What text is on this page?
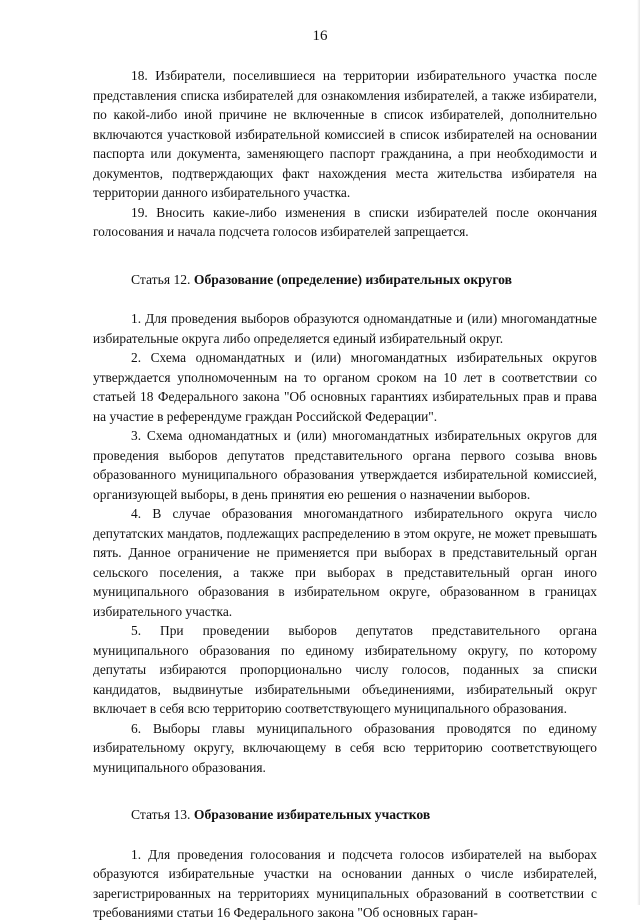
16

18. Избиратели, поселившиеся на территории избирательного участка после представления списка избирателей для ознакомления избирателей, а также избиратели, по какой-либо иной причине не включенные в список избирателей, дополнительно включаются участковой избирательной комиссией в список избирателей на основании паспорта или документа, заменяющего паспорт гражданина, а при необходимости и документов, подтверждающих факт нахождения места жительства избирателя на территории данного избирательного участка.

19. Вносить какие-либо изменения в списки избирателей после окончания голосования и начала подсчета голосов избирателей запрещается.

Статья 12. Образование (определение) избирательных округов

1. Для проведения выборов образуются одномандатные и (или) многомандатные избирательные округа либо определяется единый избирательный округ.

2. Схема одномандатных и (или) многомандатных избирательных округов утверждается уполномоченным на то органом сроком на 10 лет в соответствии со статьей 18 Федерального закона "Об основных гарантиях избирательных прав и права на участие в референдуме граждан Российской Федерации".

3. Схема одномандатных и (или) многомандатных избирательных округов для проведения выборов депутатов представительного органа первого созыва вновь образованного муниципального образования утверждается избирательной комиссией, организующей выборы, в день принятия ею решения о назначении выборов.

4. В случае образования многомандатного избирательного округа число депутатских мандатов, подлежащих распределению в этом округе, не может превышать пять. Данное ограничение не применяется при выборах в представительный орган сельского поселения, а также при выборах в представительный орган иного муниципального образования в избирательном округе, образованном в границах избирательного участка.

5. При проведении выборов депутатов представительного органа муниципального образования по единому избирательному округу, по которому депутаты избираются пропорционально числу голосов, поданных за списки кандидатов, выдвинутые избирательными объединениями, избирательный округ включает в себя всю территорию соответствующего муниципального образования.

6. Выборы главы муниципального образования проводятся по единому избирательному округу, включающему в себя всю территорию соответствующего муниципального образования.

Статья 13. Образование избирательных участков

1. Для проведения голосования и подсчета голосов избирателей на выборах образуются избирательные участки на основании данных о числе избирателей, зарегистрированных на территориях муниципальных образований в соответствии с требованиями статьи 16 Федерального закона "Об основных гаран-
